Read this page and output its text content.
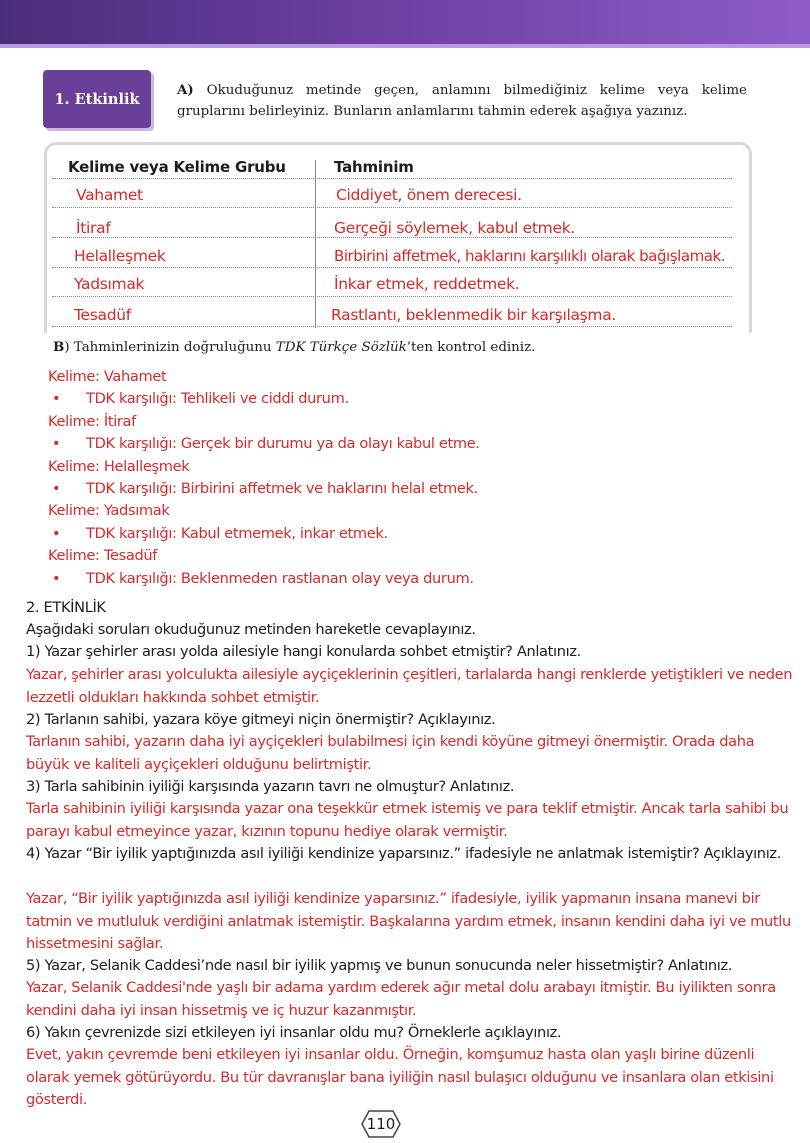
1. Etkinlik
A) Okuduğunuz metinde geçen, anlamını bilmediğiniz kelime veya kelime gruplarını belirleyiniz. Bunların anlamlarını tahmin ederek aşağıya yazınız.
Kelime veya Kelime Grubu	Tahminim
Vahamet	Ciddiyet, önem derecesi.
İtiraf	Gerçeği söylemek, kabul etmek.
Helalleşmek	Birbirini affetmek, haklarını karşılıklı olarak bağışlamak.
Yadsımak	İnkar etmek, reddetmek.
Tesadüf	Rastlantı, beklenmedik bir karşılaşma.
B) Tahminlerinizin doğruluğunu TDK Türkçe Sözlük’ten kontrol ediniz.
Kelime: Vahamet
• TDK karşılığı: Tehlikeli ve ciddi durum.
Kelime: İtiraf
• TDK karşılığı: Gerçek bir durumu ya da olayı kabul etme.
Kelime: Helalleşmek
• TDK karşılığı: Birbirini affetmek ve haklarını helal etmek.
Kelime: Yadsımak
• TDK karşılığı: Kabul etmemek, inkar etmek.
Kelime: Tesadüf
• TDK karşılığı: Beklenmeden rastlanan olay veya durum.
2. ETKİNLİK
Aşağıdaki soruları okuduğunuz metinden hareketle cevaplayınız.
1) Yazar şehirler arası yolda ailesiyle hangi konularda sohbet etmiştir? Anlatınız.
Yazar, şehirler arası yolculukta ailesiyle ayçiçeklerinin çeşitleri, tarlalarda hangi renklerde yetiştikleri ve neden lezzetli oldukları hakkında sohbet etmiştir.
2) Tarlanın sahibi, yazara köye gitmeyi niçin önermiştir? Açıklayınız.
Tarlanın sahibi, yazarın daha iyi ayçiçekleri bulabilmesi için kendi köyüne gitmeyi önermiştir. Orada daha büyük ve kaliteli ayçiçekleri olduğunu belirtmiştir.
3) Tarla sahibinin iyiliği karşısında yazarın tavrı ne olmuştur? Anlatınız.
Tarla sahibinin iyiliği karşısında yazar ona teşekkür etmek istemiş ve para teklif etmiştir. Ancak tarla sahibi bu parayı kabul etmeyince yazar, kızının topunu hediye olarak vermiştir.
4) Yazar “Bir iyilik yaptığınızda asıl iyiliği kendinize yaparsınız.” ifadesiyle ne anlatmak istemiştir? Açıklayınız.
Yazar, “Bir iyilik yaptığınızda asıl iyiliği kendinize yaparsınız.” ifadesiyle, iyilik yapmanın insana manevi bir tatmin ve mutluluk verdiğini anlatmak istemiştir. Başkalarına yardım etmek, insanın kendini daha iyi ve mutlu hissetmesini sağlar.
5) Yazar, Selanik Caddesi’nde nasıl bir iyilik yapmış ve bunun sonucunda neler hissetmiştir? Anlatınız.
Yazar, Selanik Caddesi'nde yaşlı bir adama yardım ederek ağır metal dolu arabayı itmiştir. Bu iyilikten sonra kendini daha iyi insan hissetmiş ve iç huzur kazanmıştır.
6) Yakın çevrenizde sizi etkileyen iyi insanlar oldu mu? Örneklerle açıklayınız.
Evet, yakın çevremde beni etkileyen iyi insanlar oldu. Örneğin, komşumuz hasta olan yaşlı birine düzenli olarak yemek götürüyordu. Bu tür davranışlar bana iyiliğin nasıl bulaşıcı olduğunu ve insanlara olan etkisini gösterdi.
110
